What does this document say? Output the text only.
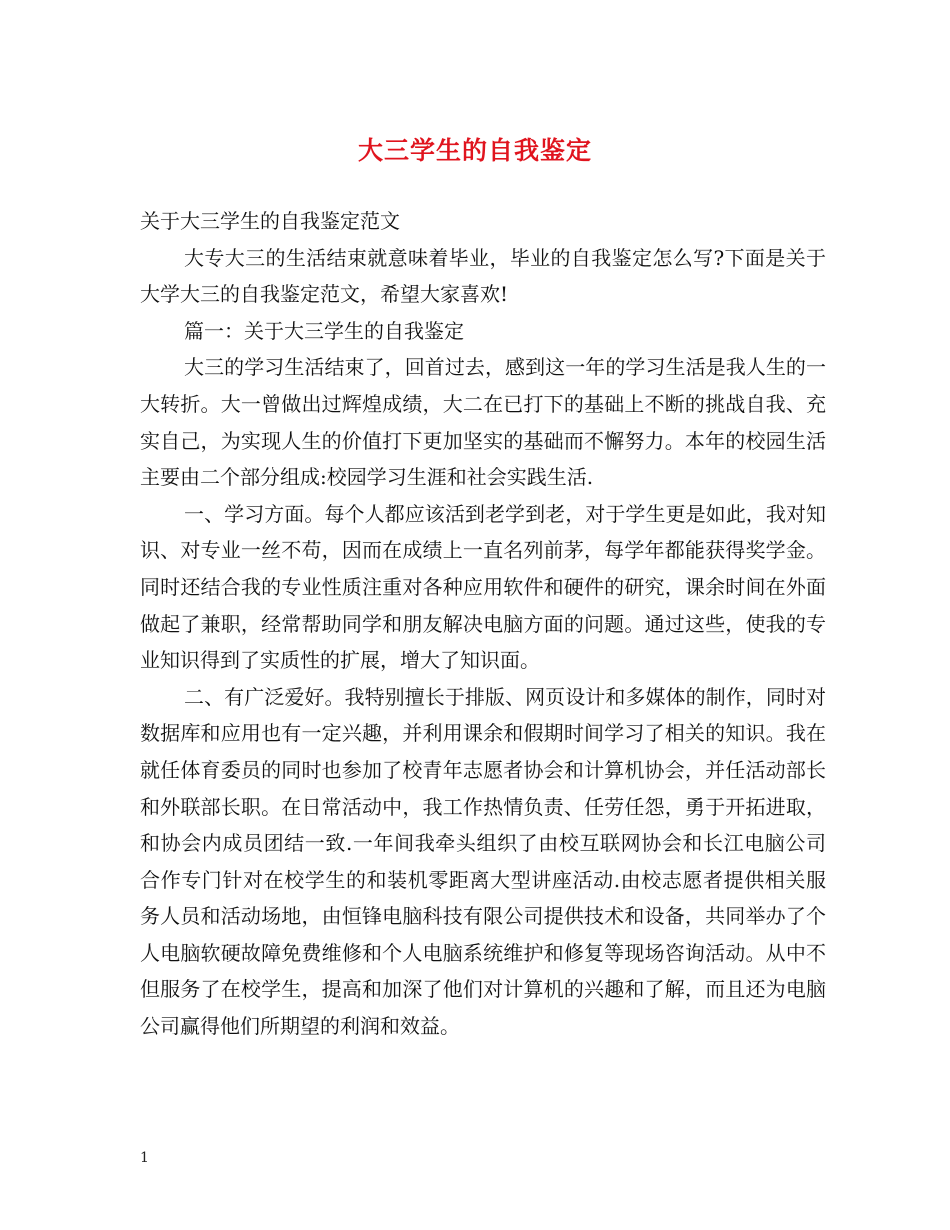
大三学生的自我鉴定

关于大三学生的自我鉴定范文

大专大三的生活结束就意味着毕业，毕业的自我鉴定怎么写?下面是关于大学大三的自我鉴定范文，希望大家喜欢!

篇一：关于大三学生的自我鉴定

大三的学习生活结束了，回首过去，感到这一年的学习生活是我人生的一大转折。大一曾做出过辉煌成绩，大二在已打下的基础上不断的挑战自我、充实自己，为实现人生的价值打下更加坚实的基础而不懈努力。本年的校园生活主要由二个部分组成:校园学习生涯和社会实践生活.

一、学习方面。每个人都应该活到老学到老，对于学生更是如此，我对知识、对专业一丝不苟，因而在成绩上一直名列前茅，每学年都能获得奖学金。同时还结合我的专业性质注重对各种应用软件和硬件的研究，课余时间在外面做起了兼职，经常帮助同学和朋友解决电脑方面的问题。通过这些，使我的专业知识得到了实质性的扩展，增大了知识面。

二、有广泛爱好。我特别擅长于排版、网页设计和多媒体的制作，同时对数据库和应用也有一定兴趣，并利用课余和假期时间学习了相关的知识。我在就任体育委员的同时也参加了校青年志愿者协会和计算机协会，并任活动部长和外联部长职。在日常活动中，我工作热情负责、任劳任怨，勇于开拓进取，和协会内成员团结一致.一年间我牵头组织了由校互联网协会和长江电脑公司合作专门针对在校学生的和装机零距离大型讲座活动.由校志愿者提供相关服务人员和活动场地，由恒锋电脑科技有限公司提供技术和设备，共同举办了个人电脑软硬故障免费维修和个人电脑系统维护和修复等现场咨询活动。从中不但服务了在校学生，提高和加深了他们对计算机的兴趣和了解，而且还为电脑公司赢得他们所期望的利润和效益。

1
